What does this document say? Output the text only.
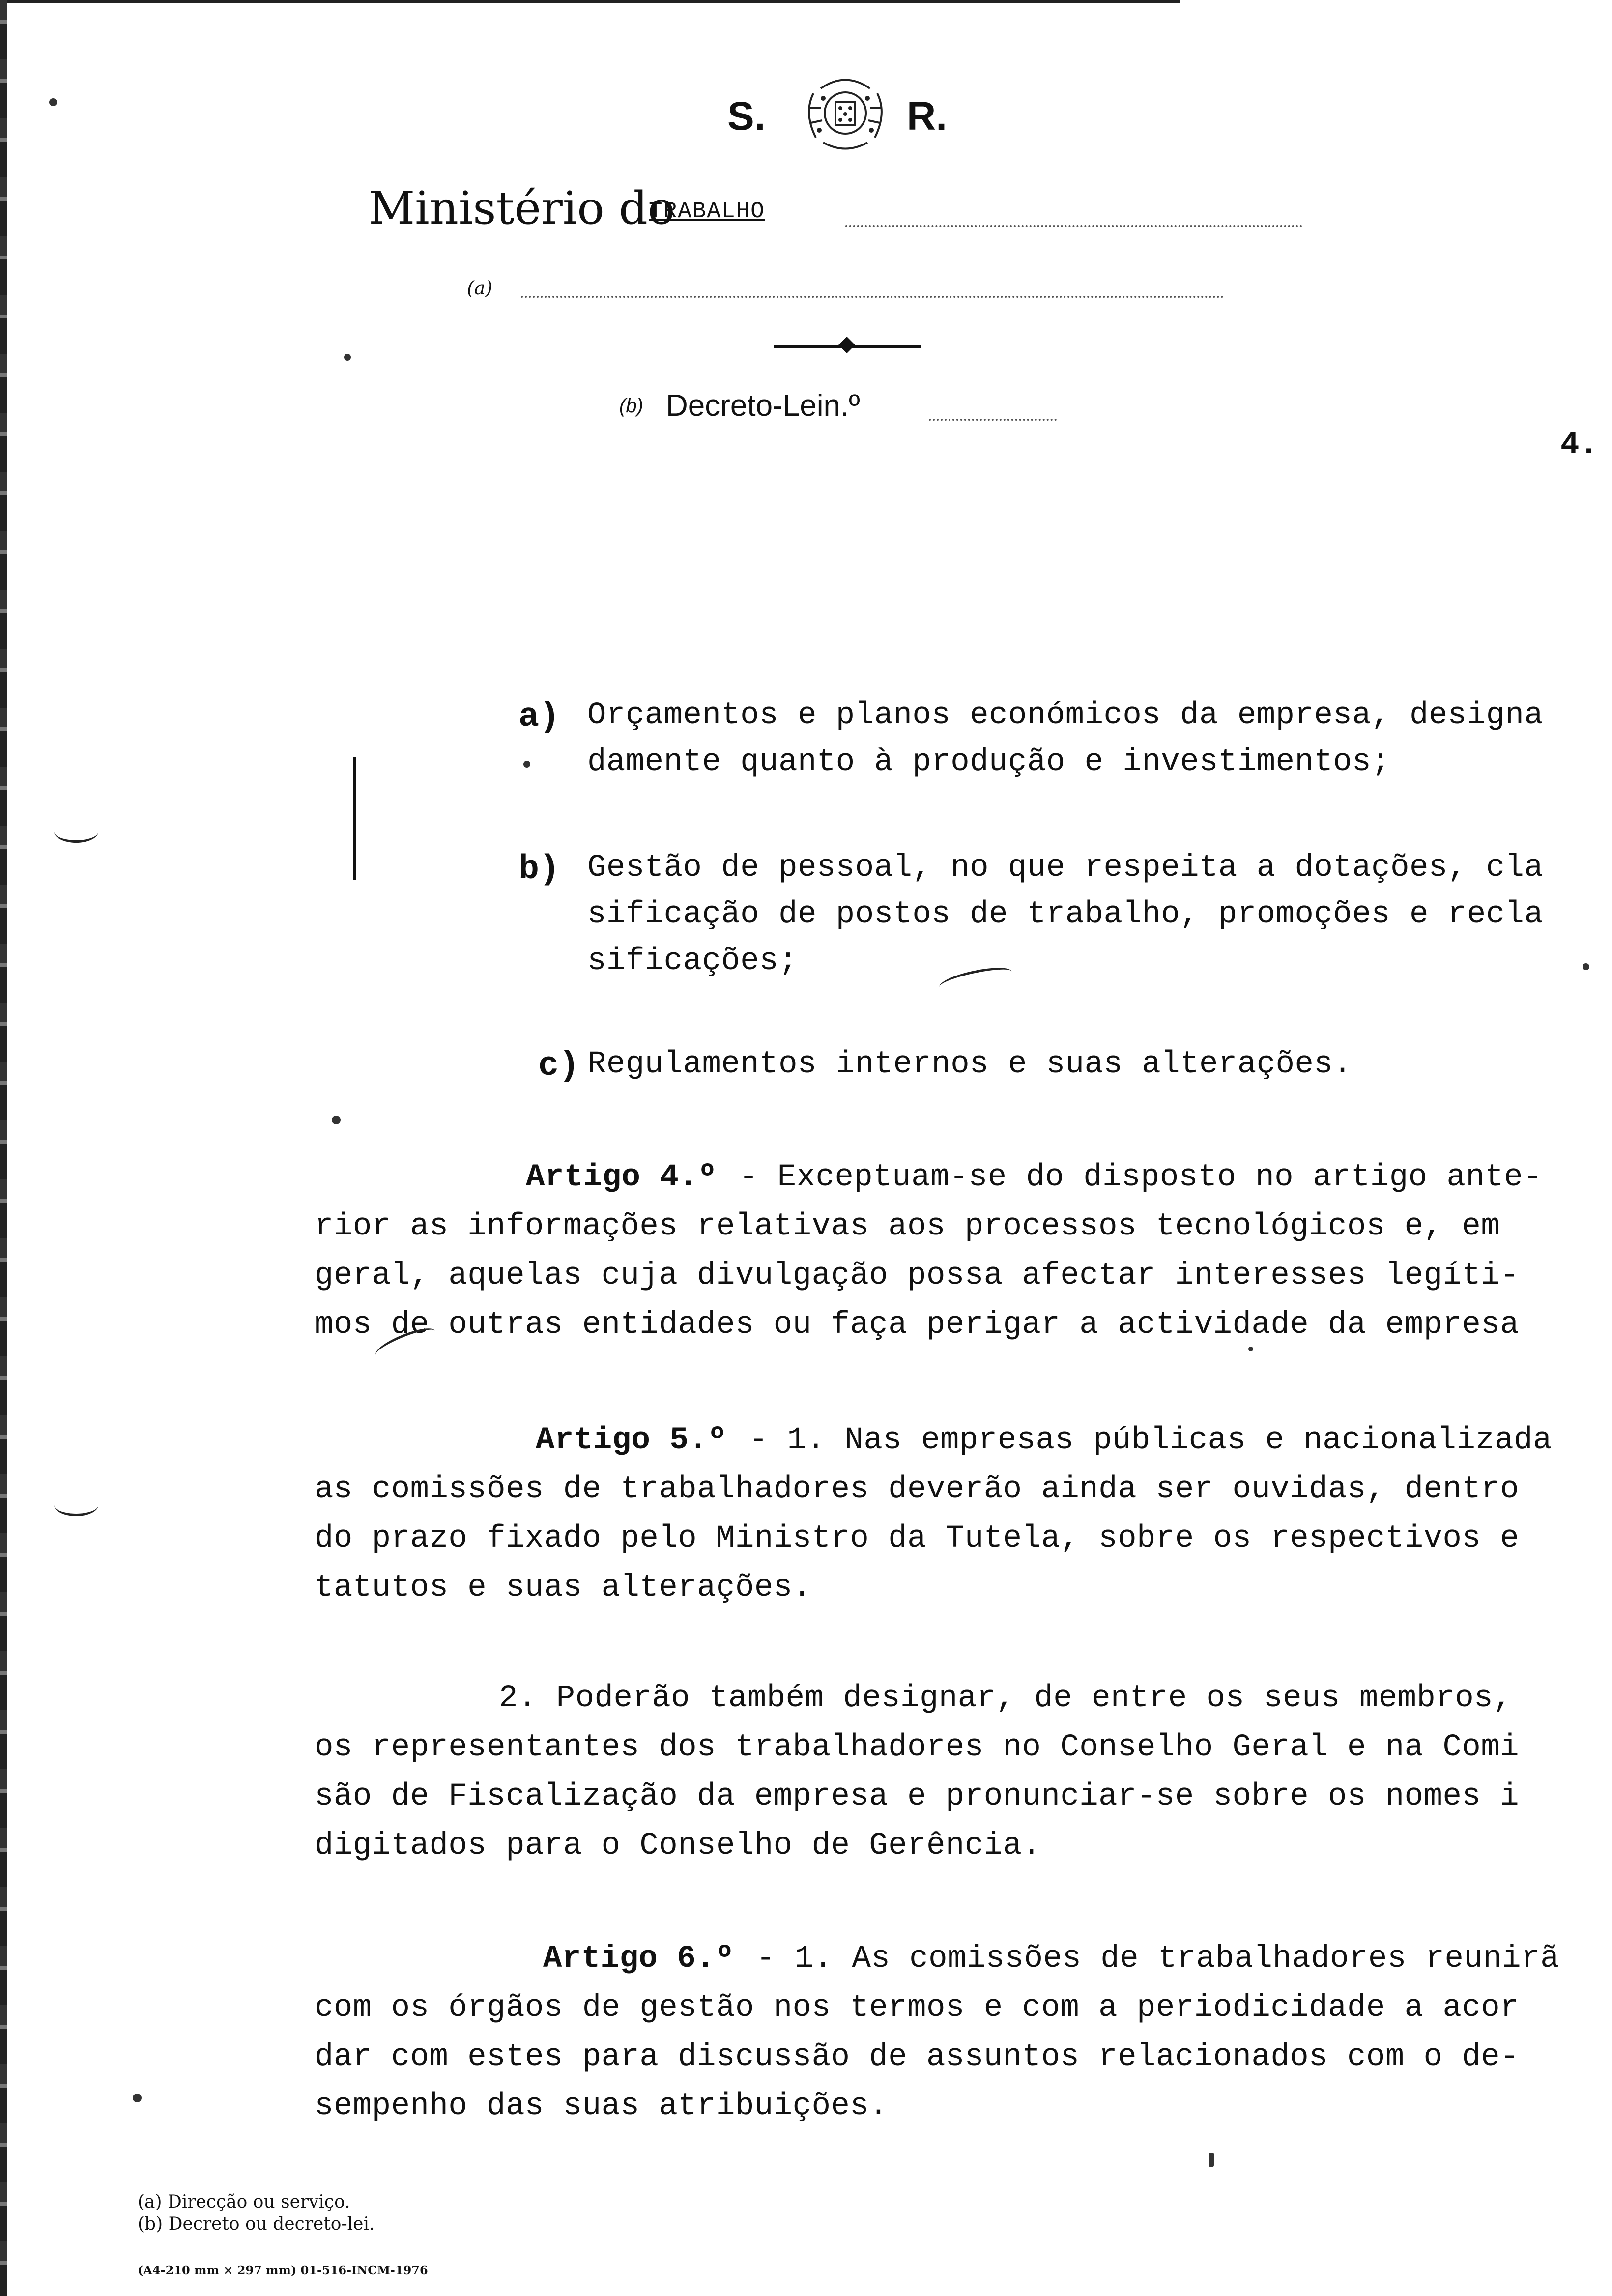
S.	R.
Ministério do
TRABALHO
(a)
(b) Decreto-Lein.º
4.
a) Orçamentos e planos económicos da empresa, designa
damente quanto à produção e investimentos;
b) Gestão de pessoal, no que respeita a dotações, cla
sificação de postos de trabalho, promoções e recla
sificações;
c) Regulamentos internos e suas alterações.
Artigo 4.º - Exceptuam-se do disposto no artigo ante-
rior as informações relativas aos processos tecnológicos e, em
geral, aquelas cuja divulgação possa afectar interesses legíti-
mos de outras entidades ou faça perigar a actividade da empresa
Artigo 5.º - 1. Nas empresas públicas e nacionalizada
as comissões de trabalhadores deverão ainda ser ouvidas, dentro
do prazo fixado pelo Ministro da Tutela, sobre os respectivos e
tatutos e suas alterações.
2. Poderão também designar, de entre os seus membros,
os representantes dos trabalhadores no Conselho Geral e na Comi
são de Fiscalização da empresa e pronunciar-se sobre os nomes i
digitados para o Conselho de Gerência.
Artigo 6.º - 1. As comissões de trabalhadores reunirã
com os órgãos de gestão nos termos e com a periodicidade a acor
dar com estes para discussão de assuntos relacionados com o de-
sempenho das suas atribuições.
(a) Direcção ou serviço.
(b) Decreto ou decreto-lei.
(A4-210 mm × 297 mm) 01-516-INCM-1976
